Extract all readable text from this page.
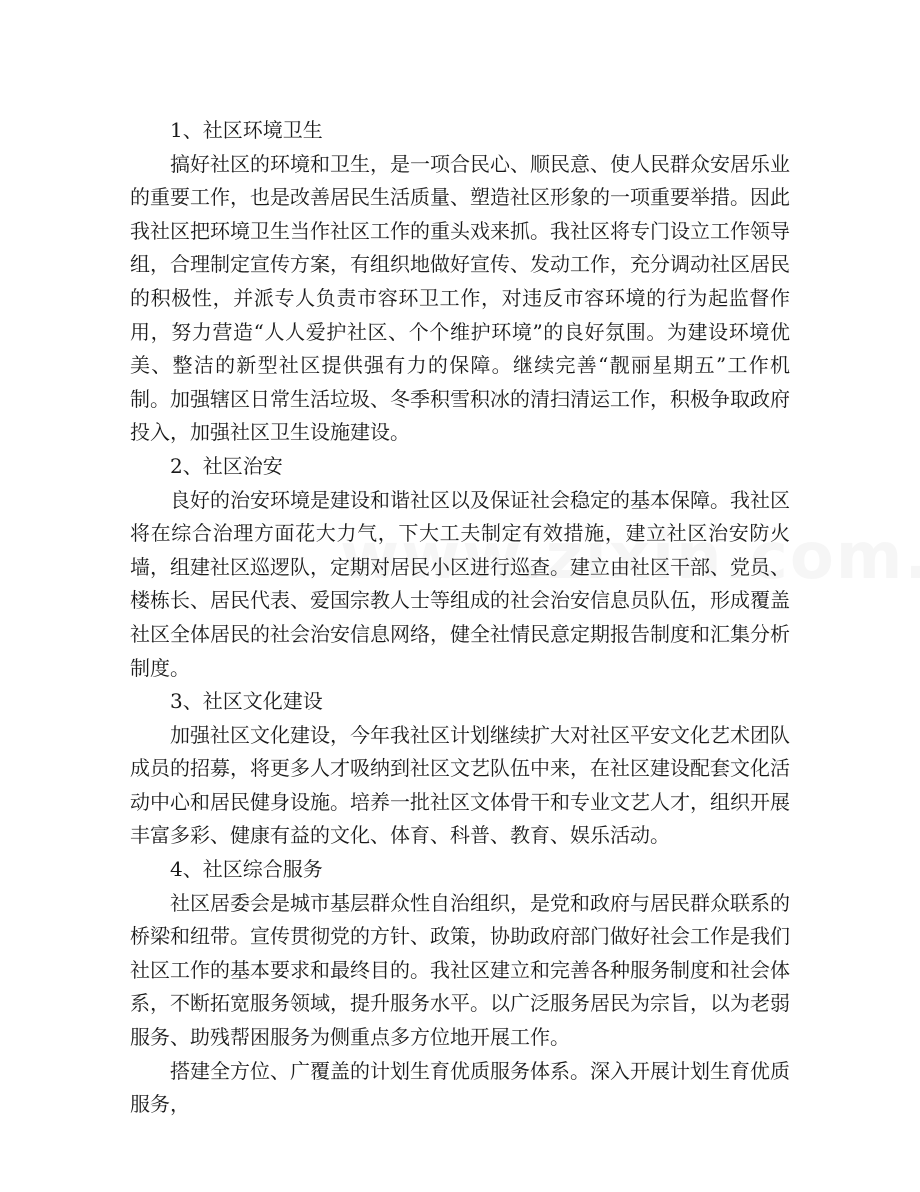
1、社区环境卫生

搞好社区的环境和卫生，是一项合民心、顺民意、使人民群众安居乐业的重要工作，也是改善居民生活质量、塑造社区形象的一项重要举措。因此我社区把环境卫生当作社区工作的重头戏来抓。我社区将专门设立工作领导组，合理制定宣传方案，有组织地做好宣传、发动工作，充分调动社区居民的积极性，并派专人负责市容环卫工作，对违反市容环境的行为起监督作用，努力营造“人人爱护社区、个个维护环境”的良好氛围。为建设环境优美、整洁的新型社区提供强有力的保障。继续完善“靓丽星期五”工作机制。加强辖区日常生活垃圾、冬季积雪积冰的清扫清运工作，积极争取政府投入，加强社区卫生设施建设。

2、社区治安

良好的治安环境是建设和谐社区以及保证社会稳定的基本保障。我社区将在综合治理方面花大力气，下大工夫制定有效措施，建立社区治安防火墙，组建社区巡逻队，定期对居民小区进行巡查。建立由社区干部、党员、楼栋长、居民代表、爱国宗教人士等组成的社会治安信息员队伍，形成覆盖社区全体居民的社会治安信息网络，健全社情民意定期报告制度和汇集分析制度。

3、社区文化建设

加强社区文化建设，今年我社区计划继续扩大对社区平安文化艺术团队成员的招募，将更多人才吸纳到社区文艺队伍中来，在社区建设配套文化活动中心和居民健身设施。培养一批社区文体骨干和专业文艺人才，组织开展丰富多彩、健康有益的文化、体育、科普、教育、娱乐活动。

4、社区综合服务

社区居委会是城市基层群众性自治组织，是党和政府与居民群众联系的桥梁和纽带。宣传贯彻党的方针、政策，协助政府部门做好社会工作是我们社区工作的基本要求和最终目的。我社区建立和完善各种服务制度和社会体系，不断拓宽服务领域，提升服务水平。以广泛服务居民为宗旨，以为老弱服务、助残帮困服务为侧重点多方位地开展工作。

搭建全方位、广覆盖的计划生育优质服务体系。深入开展计划生育优质服务，
